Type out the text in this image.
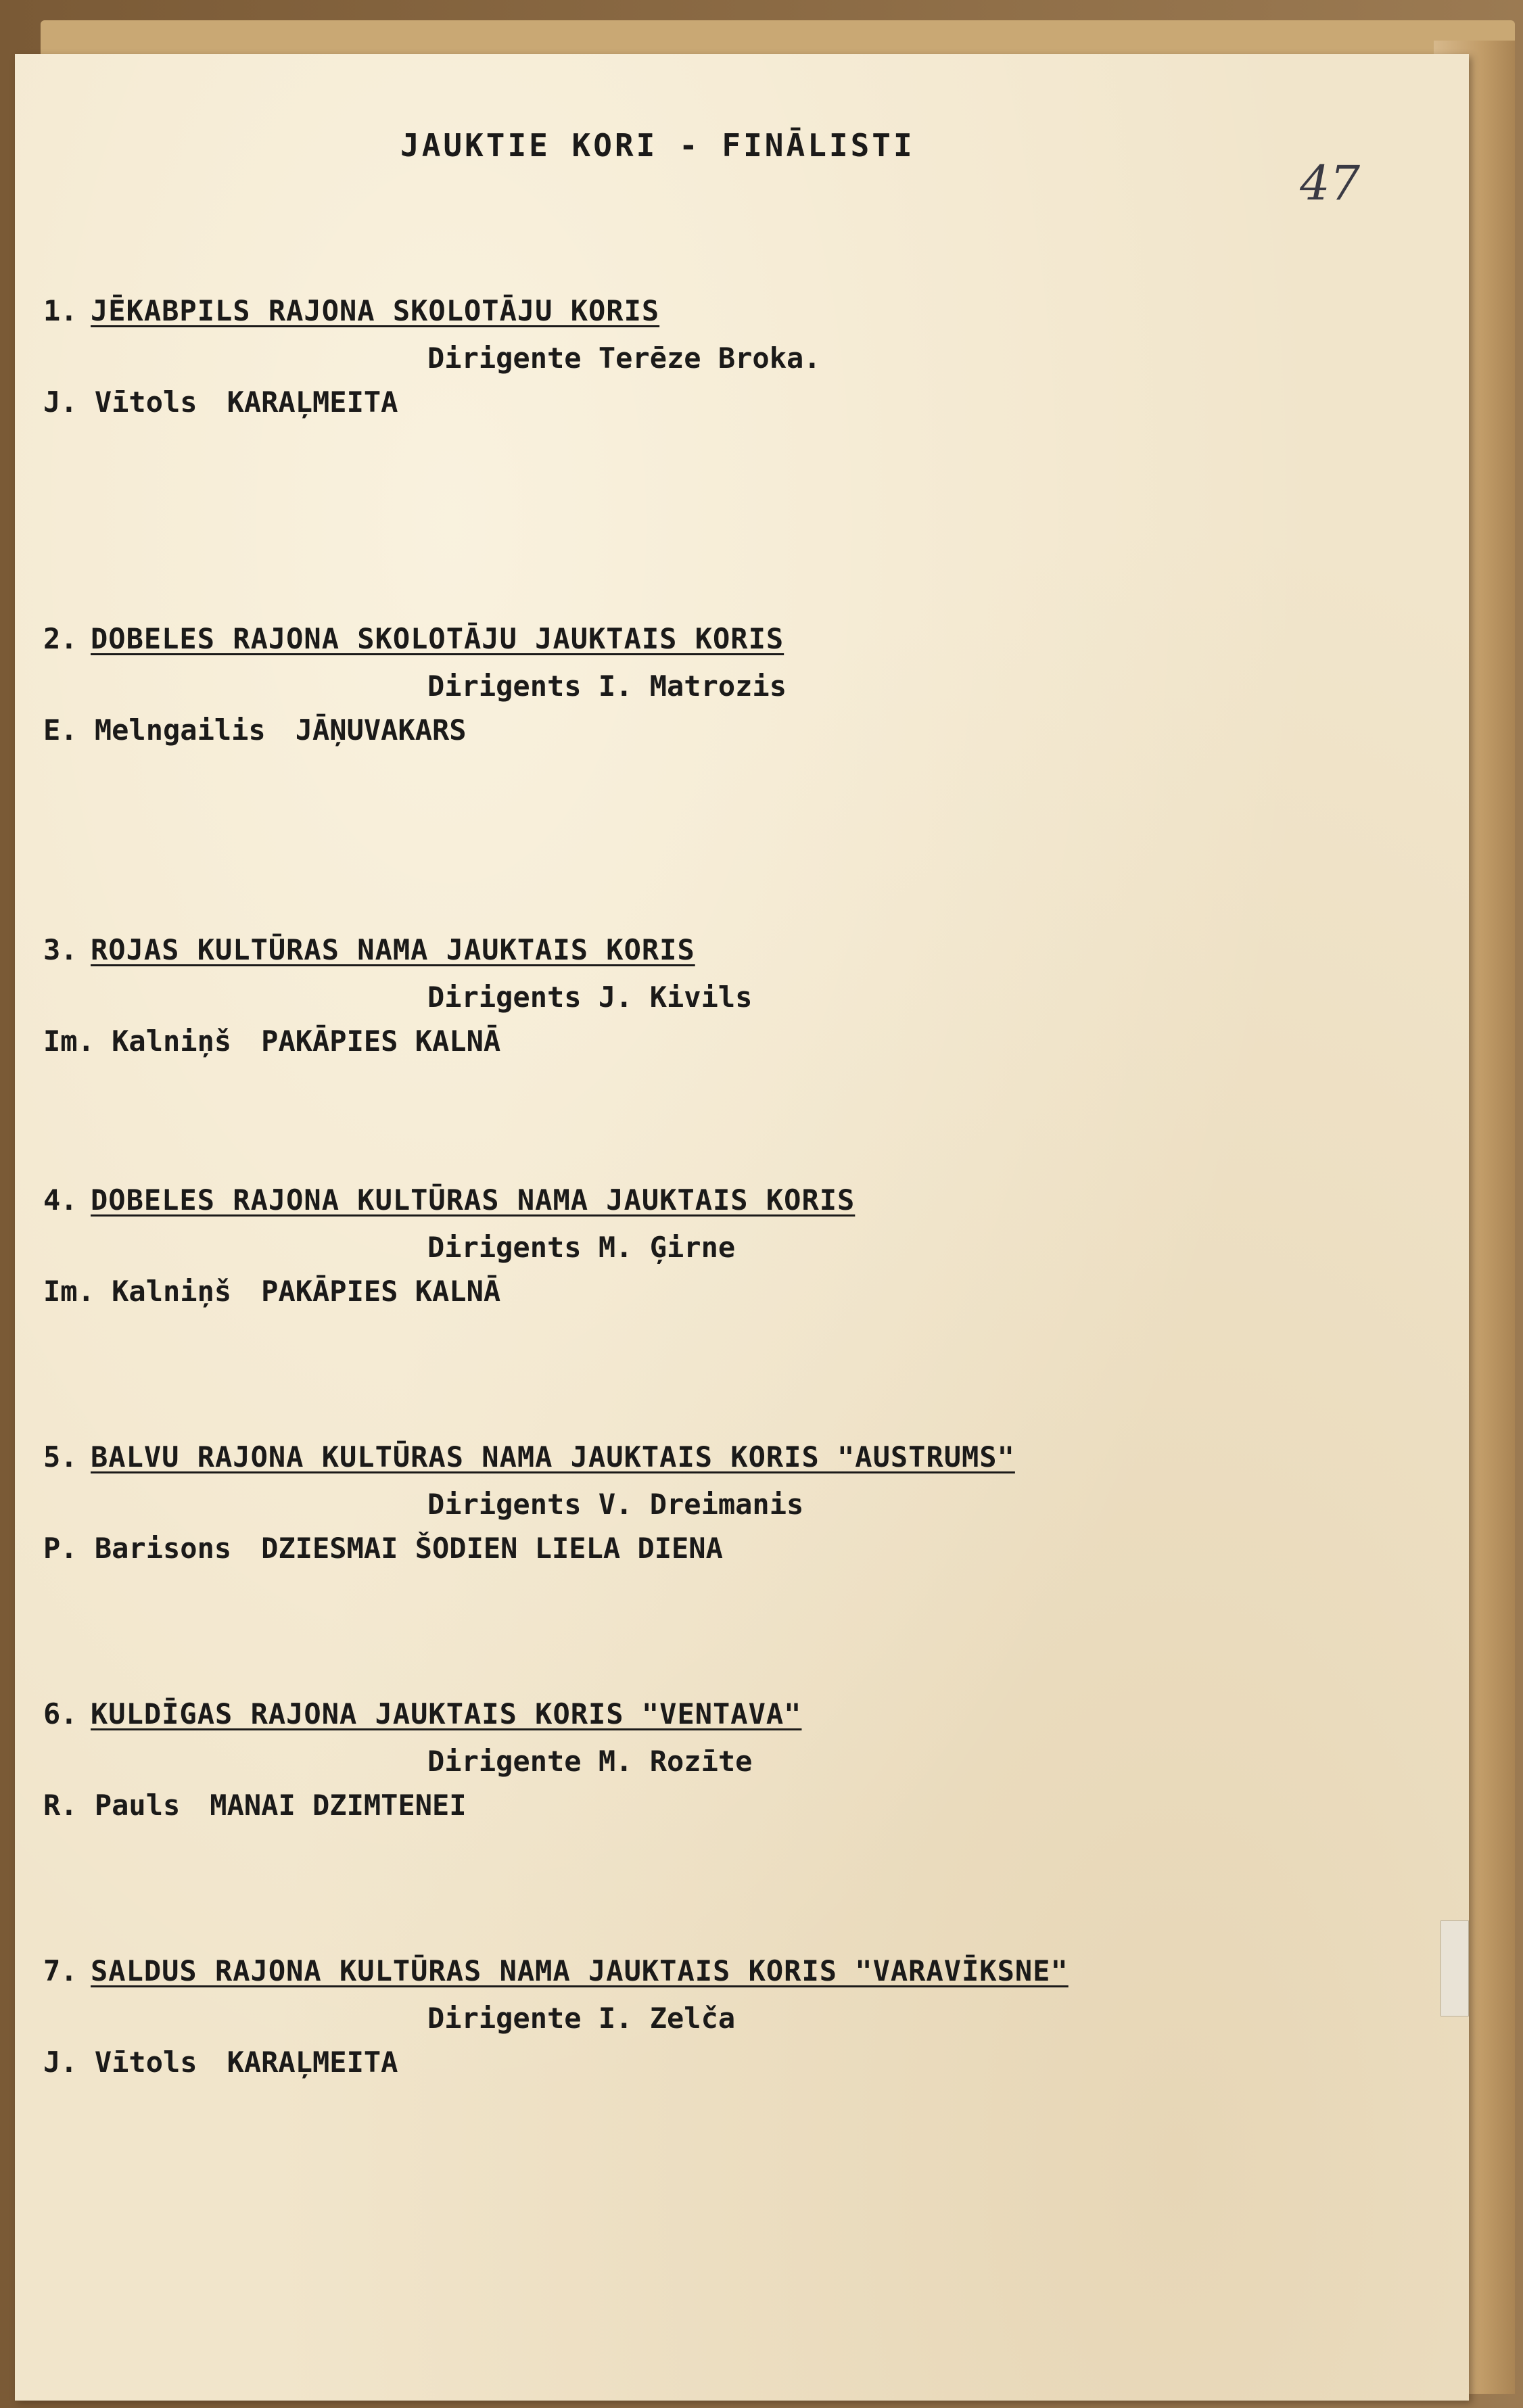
JAUKTIE KORI - FINĀLISTI
47
1. JĒKABPILS RAJONA SKOLOTĀJU KORIS
Dirigente Terēze Broka.
J. Vītols KARAĻMEITA
2. DOBELES RAJONA SKOLOTĀJU JAUKTAIS KORIS
Dirigents I. Matrozis
E. Melngailis JĀŅUVAKARS
3. ROJAS KULTŪRAS NAMA JAUKTAIS KORIS
Dirigents J. Kivils
Im. Kalniņš PAKĀPIES KALNĀ
4. DOBELES RAJONA KULTŪRAS NAMA JAUKTAIS KORIS
Dirigents M. Ģirne
Im. Kalniņš PAKĀPIES KALNĀ
5. BALVU RAJONA KULTŪRAS NAMA JAUKTAIS KORIS "AUSTRUMS"
Dirigents V. Dreimanis
P. Barisons DZIESMAI ŠODIEN LIELA DIENA
6. KULDĪGAS RAJONA JAUKTAIS KORIS "VENTAVA"
Dirigente M. Rozīte
R. Pauls MANAI DZIMTENEI
7. SALDUS RAJONA KULTŪRAS NAMA JAUKTAIS KORIS "VARAVĪKSNE"
Dirigente I. Zelča
J. Vītols KARAĻMEITA
